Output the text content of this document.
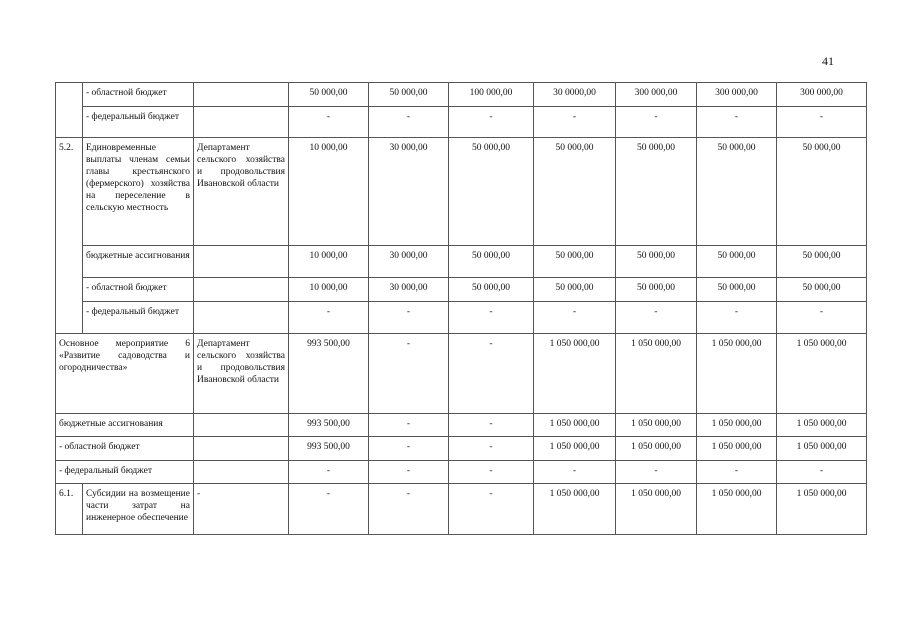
41
	- областной бюджет		50 000,00	50 000,00	100 000,00	30 0000,00	300 000,00	300 000,00	300 000,00
	- федеральный бюджет		-	-	-	-	-	-	-
5.2.	Единовременные выплаты членам семьи главы крестьянского (фермерского) хозяйства на переселение в сельскую местность	Департамент сельского хозяйства и продовольствия Ивановской области	10 000,00	30 000,00	50 000,00	50 000,00	50 000,00	50 000,00	50 000,00
	бюджетные ассигнования		10 000,00	30 000,00	50 000,00	50 000,00	50 000,00	50 000,00	50 000,00
	- областной бюджет		10 000,00	30 000,00	50 000,00	50 000,00	50 000,00	50 000,00	50 000,00
	- федеральный бюджет		-	-	-	-	-	-	-
Основное мероприятие 6 «Развитие садоводства и огородничества»		Департамент сельского хозяйства и продовольствия Ивановской области	993 500,00	-	-	1 050 000,00	1 050 000,00	1 050 000,00	1 050 000,00
бюджетные ассигнования			993 500,00	-	-	1 050 000,00	1 050 000,00	1 050 000,00	1 050 000,00
- областной бюджет			993 500,00	-	-	1 050 000,00	1 050 000,00	1 050 000,00	1 050 000,00
- федеральный бюджет			-	-	-	-	-	-	-
6.1.	Субсидии на возмещение части затрат на инженерное обеспечение	-	-	-	-	1 050 000,00	1 050 000,00	1 050 000,00	1 050 000,00
